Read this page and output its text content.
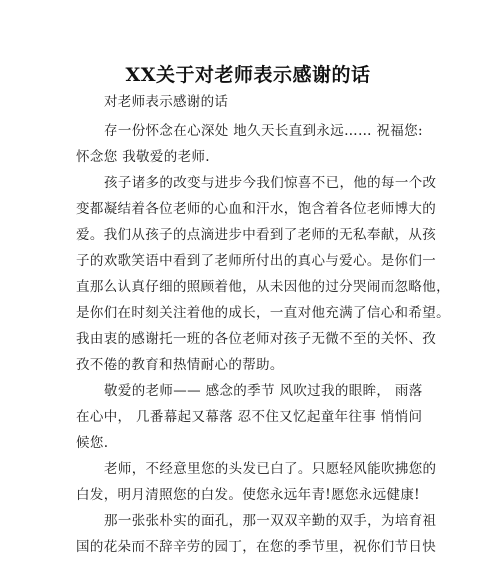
XX关于对老师表示感谢的话
对老师表示感谢的话
存一份怀念在心深处 地久天长直到永远…… 祝福您:
怀念您 我敬爱的老师.
孩子诸多的改变与进步今我们惊喜不已，他的每一个改
变都凝结着各位老师的心血和汗水，饱含着各位老师博大的
爱。我们从孩子的点滴进步中看到了老师的无私奉献，从孩
子的欢歌笑语中看到了老师所付出的真心与爱心。是你们一
直那么认真仔细的照顾着他，从未因他的过分哭闹而忽略他，
是你们在时刻关注着他的成长，一直对他充满了信心和希望。
我由衷的感谢托一班的各位老师对孩子无微不至的关怀、孜
孜不倦的教育和热情耐心的帮助。
敬爱的老师—— 感念的季节 风吹过我的眼眸， 雨落
在心中， 几番幕起又幕落 忍不住又忆起童年往事 悄悄问
候您.
老师，不经意里您的头发已白了。只愿轻风能吹拂您的
白发，明月清照您的白发。使您永远年青!愿您永远健康!
那一张张朴实的面孔，那一双双辛勤的双手，为培育祖
国的花朵而不辞辛劳的园丁，在您的季节里，祝你们节日快
